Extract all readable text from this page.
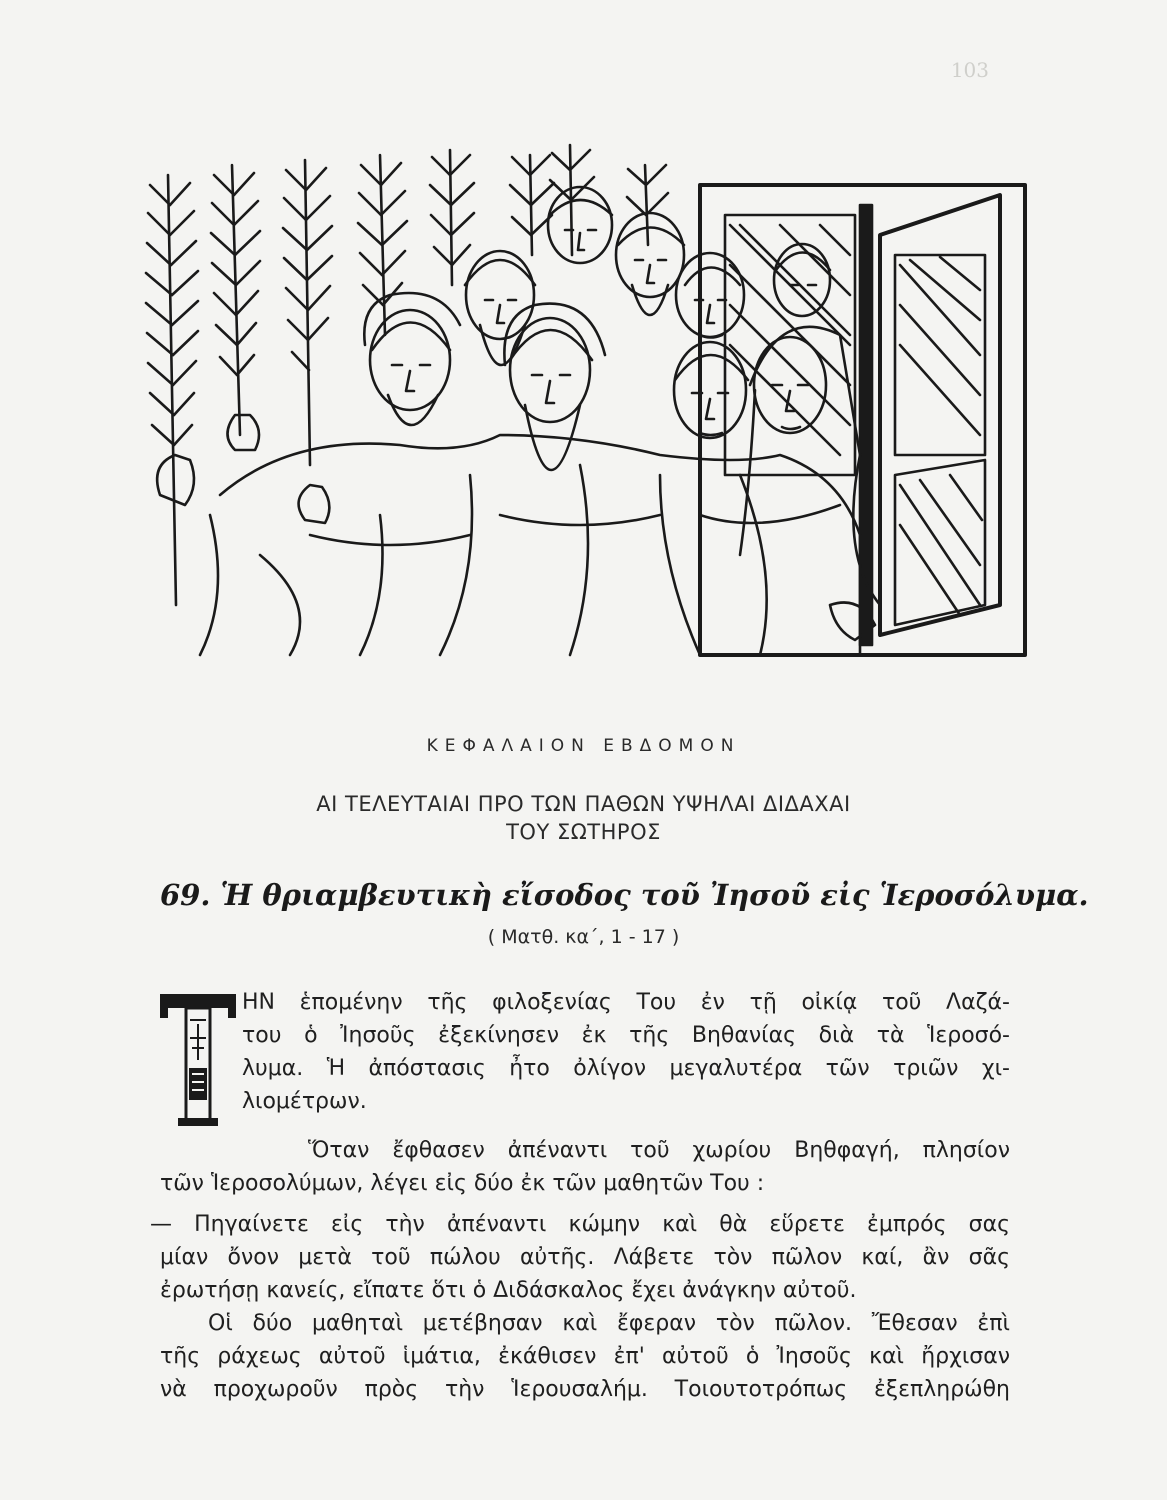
103
ΚΕΦΑΛΑΙΟΝ ΕΒΔΟΜΟΝ
ΑΙ ΤΕΛΕΥΤΑΙΑΙ ΠΡΟ ΤΩΝ ΠΑΘΩΝ ΥΨΗΛΑΙ ΔΙΔΑΧΑΙ
ΤΟΥ ΣΩΤΗΡΟΣ
69. Ἡ θριαμβευτικὴ εἴσοδος τοῦ Ἰησοῦ εἰς Ἱεροσόλυμα.
( Ματθ. κα΄, 1 - 17 )
ΗΝ ἑπομένην τῆς φιλοξενίας Του ἐν τῇ οἰκίᾳ τοῦ Λαζά-
του ὁ Ἰησοῦς ἐξεκίνησεν ἐκ τῆς Βηθανίας διὰ τὰ Ἱεροσό-
λυμα. Ἡ ἀπόστασις ἦτο ὀλίγον μεγαλυτέρα τῶν τριῶν χι-
λιομέτρων.
Ὅταν ἔφθασεν ἀπέναντι τοῦ χωρίου Βηθφαγή, πλησίον
τῶν Ἱεροσολύμων, λέγει εἰς δύο ἐκ τῶν μαθητῶν Του :
— Πηγαίνετε εἰς τὴν ἀπέναντι κώμην καὶ θὰ εὕρετε ἐμπρός σας
μίαν ὄνον μετὰ τοῦ πώλου αὐτῆς. Λάβετε τὸν πῶλον καί, ἂν σᾶς
ἐρωτήσῃ κανείς, εἴπατε ὅτι ὁ Διδάσκαλος ἔχει ἀνάγκην αὐτοῦ.
Οἱ δύο μαθηταὶ μετέβησαν καὶ ἔφεραν τὸν πῶλον. Ἔθεσαν ἐπὶ
τῆς ράχεως αὐτοῦ ἱμάτια, ἐκάθισεν ἐπ' αὐτοῦ ὁ Ἰησοῦς καὶ ἤρχισαν
νὰ προχωροῦν πρὸς τὴν Ἱερουσαλήμ. Τοιουτοτρόπως ἐξεπληρώθη
